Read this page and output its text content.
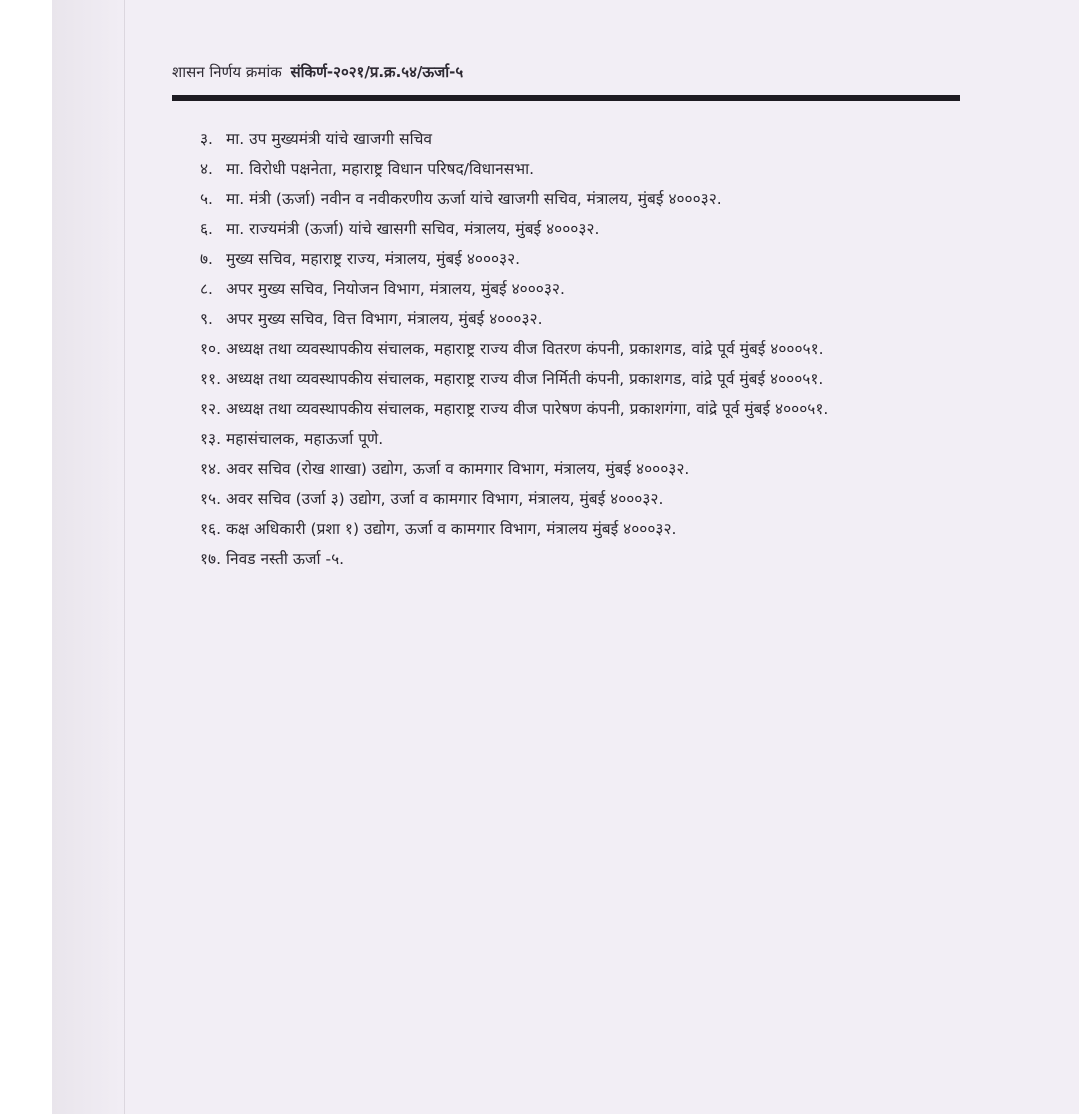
शासन निर्णय क्रमांक संकिर्ण-२०२१/प्र.क्र.५४/ऊर्जा-५
३. मा. उप मुख्यमंत्री यांचे खाजगी सचिव
४. मा. विरोधी पक्षनेता, महाराष्ट्र विधान परिषद/विधानसभा.
५. मा. मंत्री (ऊर्जा) नवीन व नवीकरणीय ऊर्जा यांचे खाजगी सचिव, मंत्रालय, मुंबई ४०००३२.
६. मा. राज्यमंत्री (ऊर्जा) यांचे खासगी सचिव, मंत्रालय, मुंबई ४०००३२.
७. मुख्य सचिव, महाराष्ट्र राज्य, मंत्रालय, मुंबई ४०००३२.
८. अपर मुख्य सचिव, नियोजन विभाग, मंत्रालय, मुंबई ४०००३२.
९. अपर मुख्य सचिव, वित्त विभाग, मंत्रालय, मुंबई ४०००३२.
१०. अध्यक्ष तथा व्यवस्थापकीय संचालक, महाराष्ट्र राज्य वीज वितरण कंपनी, प्रकाशगड, वांद्रे पूर्व मुंबई ४०००५१.
११. अध्यक्ष तथा व्यवस्थापकीय संचालक, महाराष्ट्र राज्य वीज निर्मिती कंपनी, प्रकाशगड, वांद्रे पूर्व मुंबई ४०००५१.
१२. अध्यक्ष तथा व्यवस्थापकीय संचालक, महाराष्ट्र राज्य वीज पारेषण कंपनी, प्रकाशगंगा, वांद्रे पूर्व मुंबई ४०००५१.
१३. महासंचालक, महाऊर्जा पूणे.
१४. अवर सचिव (रोख शाखा) उद्योग, ऊर्जा व कामगार विभाग, मंत्रालय, मुंबई ४०००३२.
१५. अवर सचिव (उर्जा ३) उद्योग, उर्जा व कामगार विभाग, मंत्रालय, मुंबई ४०००३२.
१६. कक्ष अधिकारी (प्रशा १) उद्योग, ऊर्जा व कामगार विभाग, मंत्रालय मुंबई ४०००३२.
१७. निवड नस्ती ऊर्जा -५.
